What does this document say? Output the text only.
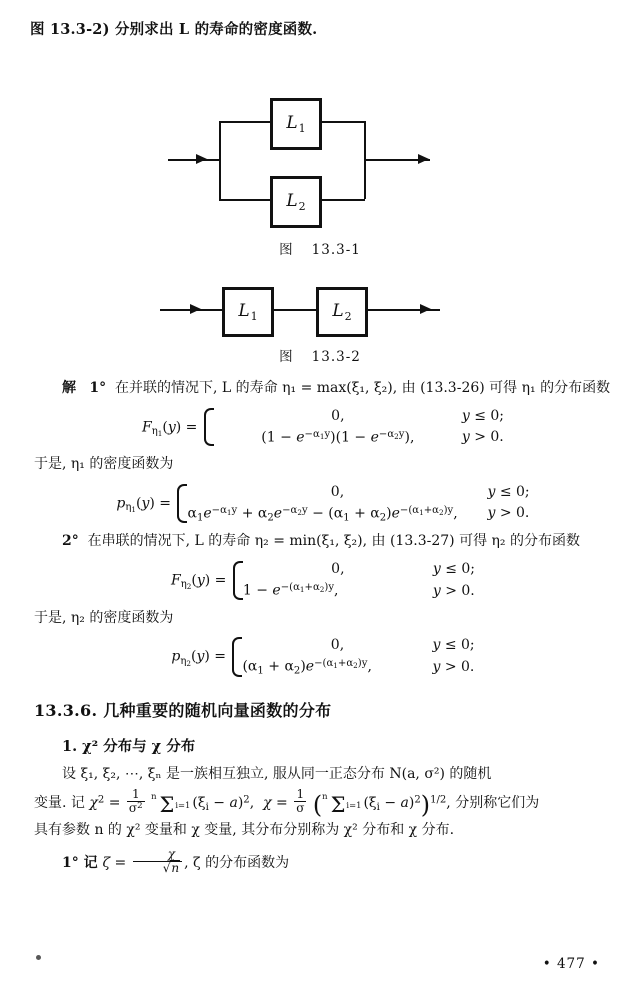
图 13.3-2) 分别求出 L 的寿命的密度函数.
$L_1$
$L_2$
图 13.3-1
$L_1$	$L_2$
图 13.3-2

解 1° 在并联的情况下, L 的寿命 η₁ = max(ξ₁, ξ₂), 由 (13.3-26) 可得 η₁ 的分布函数

$F_{\eta_1}(y)$ =
0,	y ≤ 0;
$(1 - e^{-\alpha_1y})(1 - e^{-\alpha_2y})$,	y > 0.

于是, η₁ 的密度函数为

$p_{\eta_1}(y)$ =
0,	y ≤ 0;
$\alpha_1e^{-\alpha_1y} + \alpha_2e^{-\alpha_2y} - (\alpha_1 + \alpha_2)e^{-(\alpha_1+\alpha_2)y}$, y > 0.

2° 在串联的情况下, L 的寿命 η₂ = min(ξ₁, ξ₂), 由 (13.3-27) 可得 η₂ 的分布函数

$F_{\eta_2}(y)$ =
0,	y ≤ 0;
$1 - e^{-(\alpha_1+\alpha_2)y}$,	y > 0.

于是, η₂ 的密度函数为

$p_{\eta_2}(y)$ =
0,	y ≤ 0;
$(\alpha_1 + \alpha_2)e^{-(\alpha_1+\alpha_2)y}$,	y > 0.
13.3.6. 几种重要的随机向量函数的分布
1. χ² 分布与 χ 分布

设 ξ₁, ξ₂, ⋯, ξₙ 是一族相互独立, 服从同一正态分布 N(a, σ²) 的随机

变量. 记 $\chi^2 = \frac{1}{\sigma^2}$ n Σi=1 $(\xi_i - a)^2$,  $\chi = \frac{1}{\sigma} (n$ Σi=1 $(\xi_i - a)^2)^{1/2}$, 分别称它们为

具有参数 n 的 χ² 变量和 χ 变量, 其分布分别称为 χ² 分布和 χ 分布.

1° 记 $\zeta = \frac{\chi}{√n}$ , ζ 的分布函数为

• 477 •
